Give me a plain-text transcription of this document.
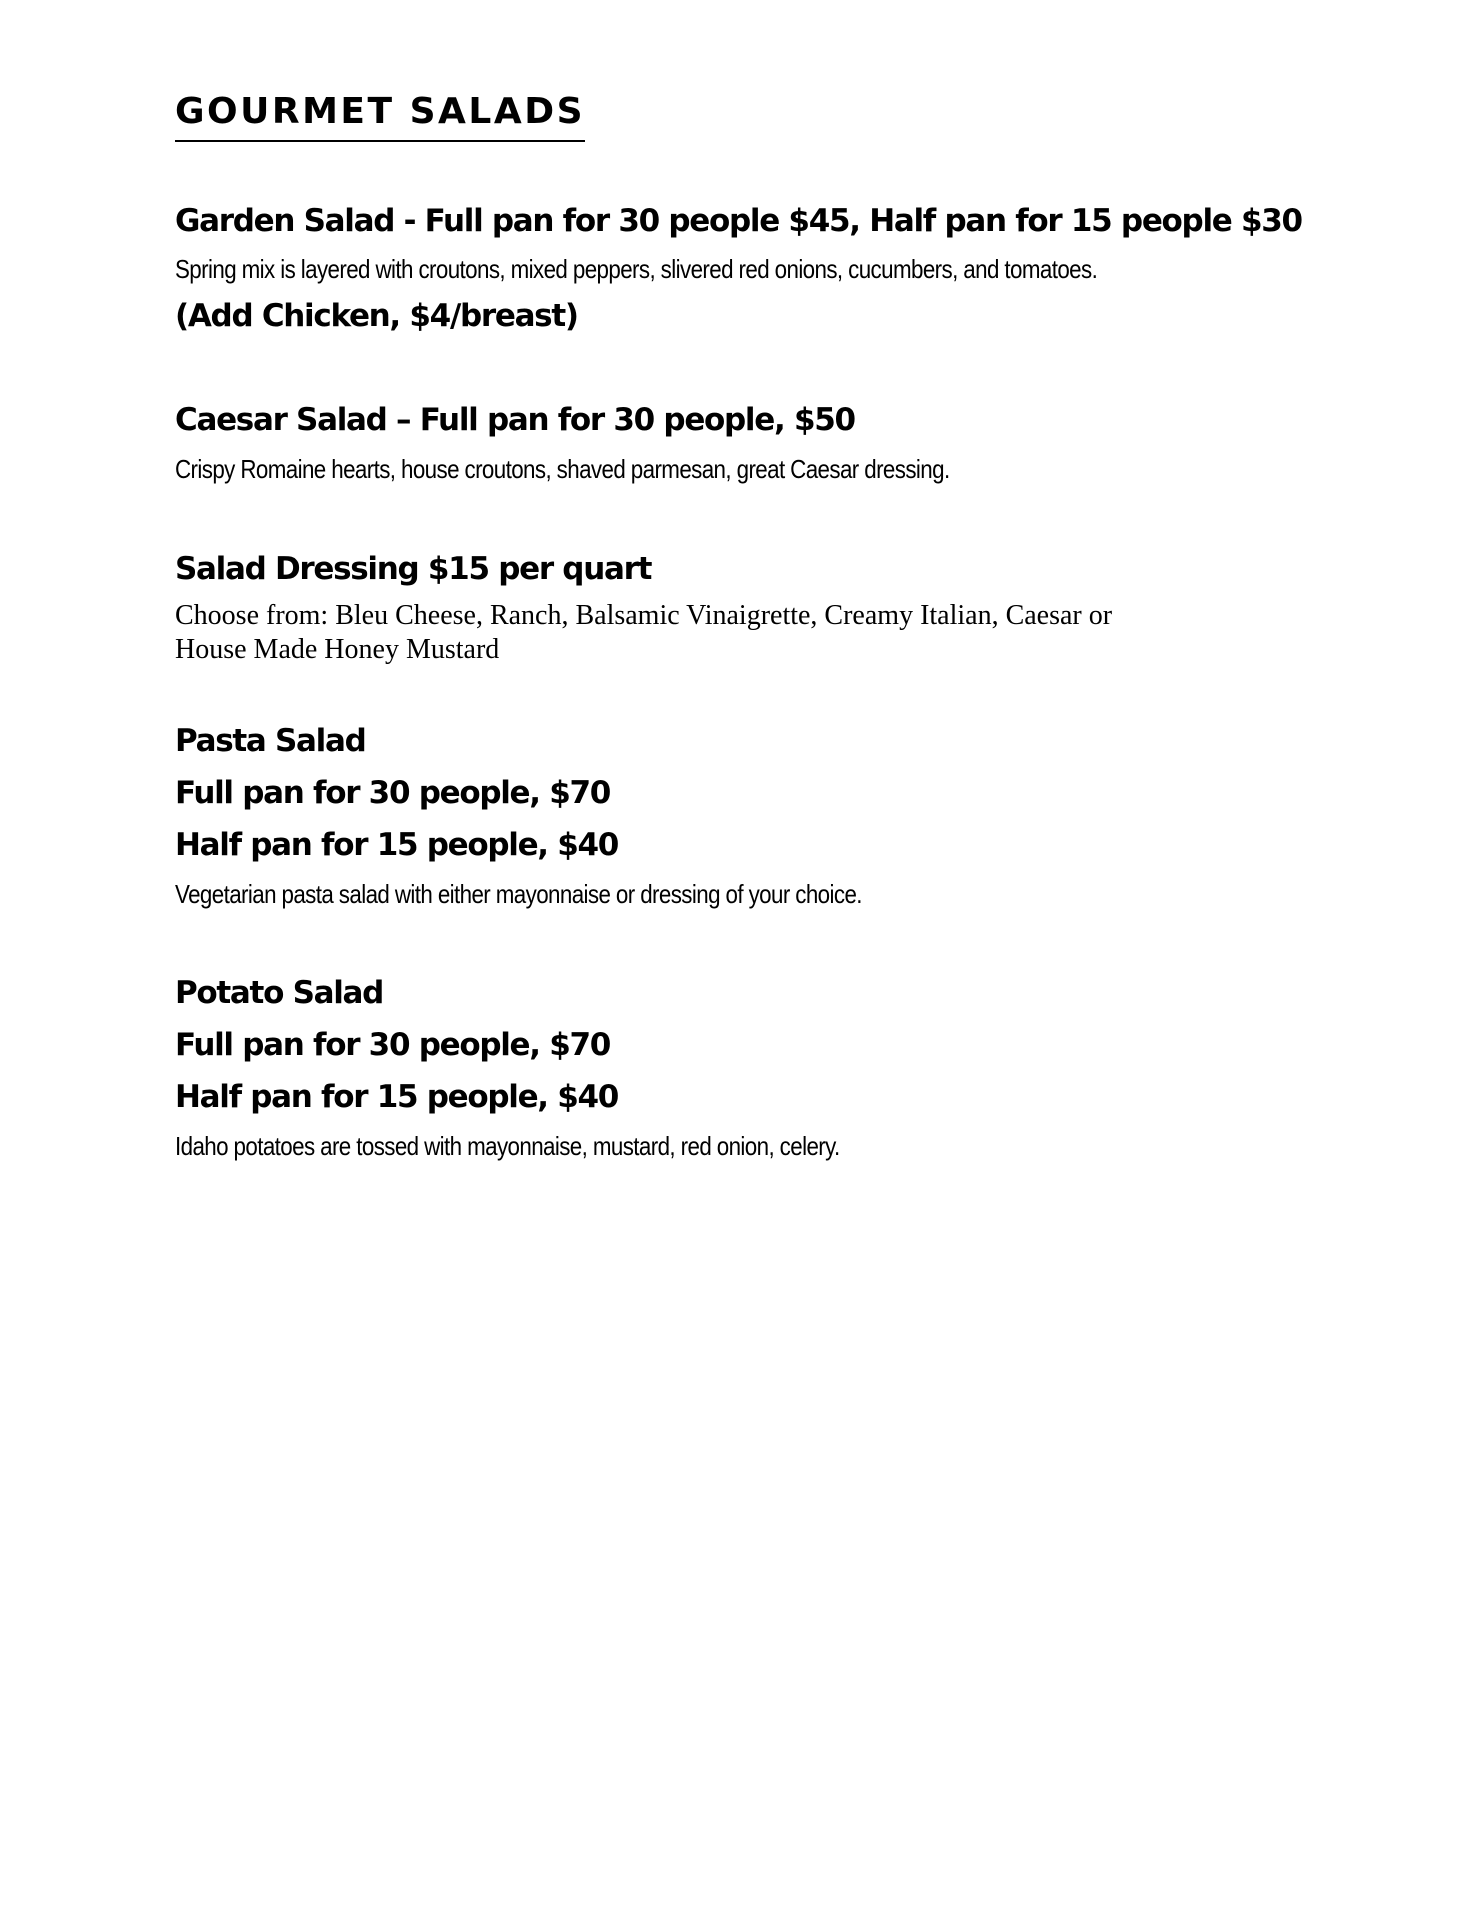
GOURMET SALADS
Garden Salad - Full pan for 30 people $45, Half pan for 15 people $30
Spring mix is layered with croutons, mixed peppers, slivered red onions, cucumbers, and tomatoes.
(Add Chicken, $4/breast)
Caesar Salad – Full pan for 30 people, $50
Crispy Romaine hearts, house croutons, shaved parmesan, great Caesar dressing.
Salad Dressing $15 per quart
Choose from: Bleu Cheese, Ranch, Balsamic Vinaigrette, Creamy Italian, Caesar or
House Made Honey Mustard
Pasta Salad
Full pan for 30 people, $70
Half pan for 15 people, $40
Vegetarian pasta salad with either mayonnaise or dressing of your choice.
Potato Salad
Full pan for 30 people, $70
Half pan for 15 people, $40
Idaho potatoes are tossed with mayonnaise, mustard, red onion, celery.
